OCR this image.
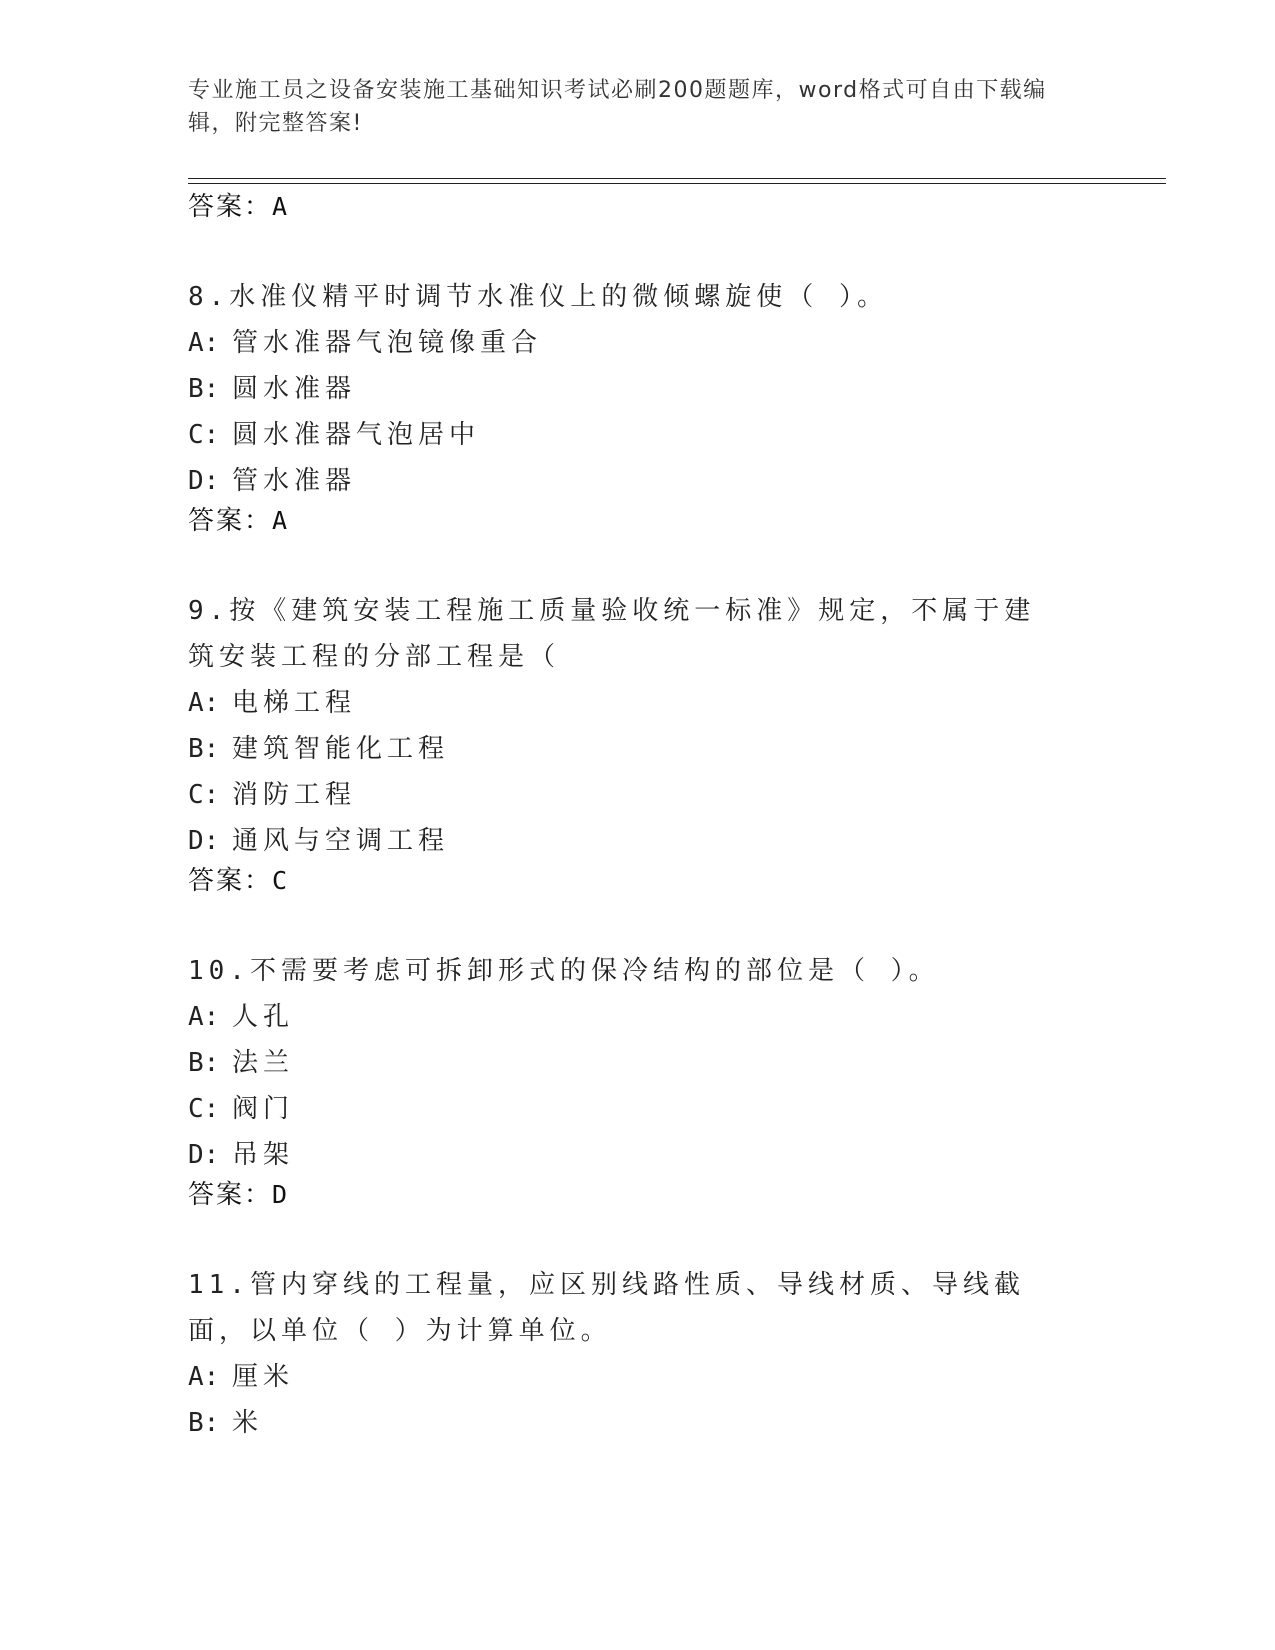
专业施工员之设备安装施工基础知识考试必刷200题题库，word格式可自由下载编辑，附完整答案!
答案：A
8.水准仪精平时调节水准仪上的微倾螺旋使（ ）。
A: 管水准器气泡镜像重合
B: 圆水准器
C: 圆水准器气泡居中
D: 管水准器
答案：A
9.按《建筑安装工程施工质量验收统一标准》规定，不属于建筑安装工程的分部工程是（
A: 电梯工程
B: 建筑智能化工程
C: 消防工程
D: 通风与空调工程
答案：C
10.不需要考虑可拆卸形式的保冷结构的部位是（ ）。
A: 人孔
B: 法兰
C: 阀门
D: 吊架
答案：D
11.管内穿线的工程量，应区别线路性质、导线材质、导线截面，以单位（ ）为计算单位。
A: 厘米
B: 米
